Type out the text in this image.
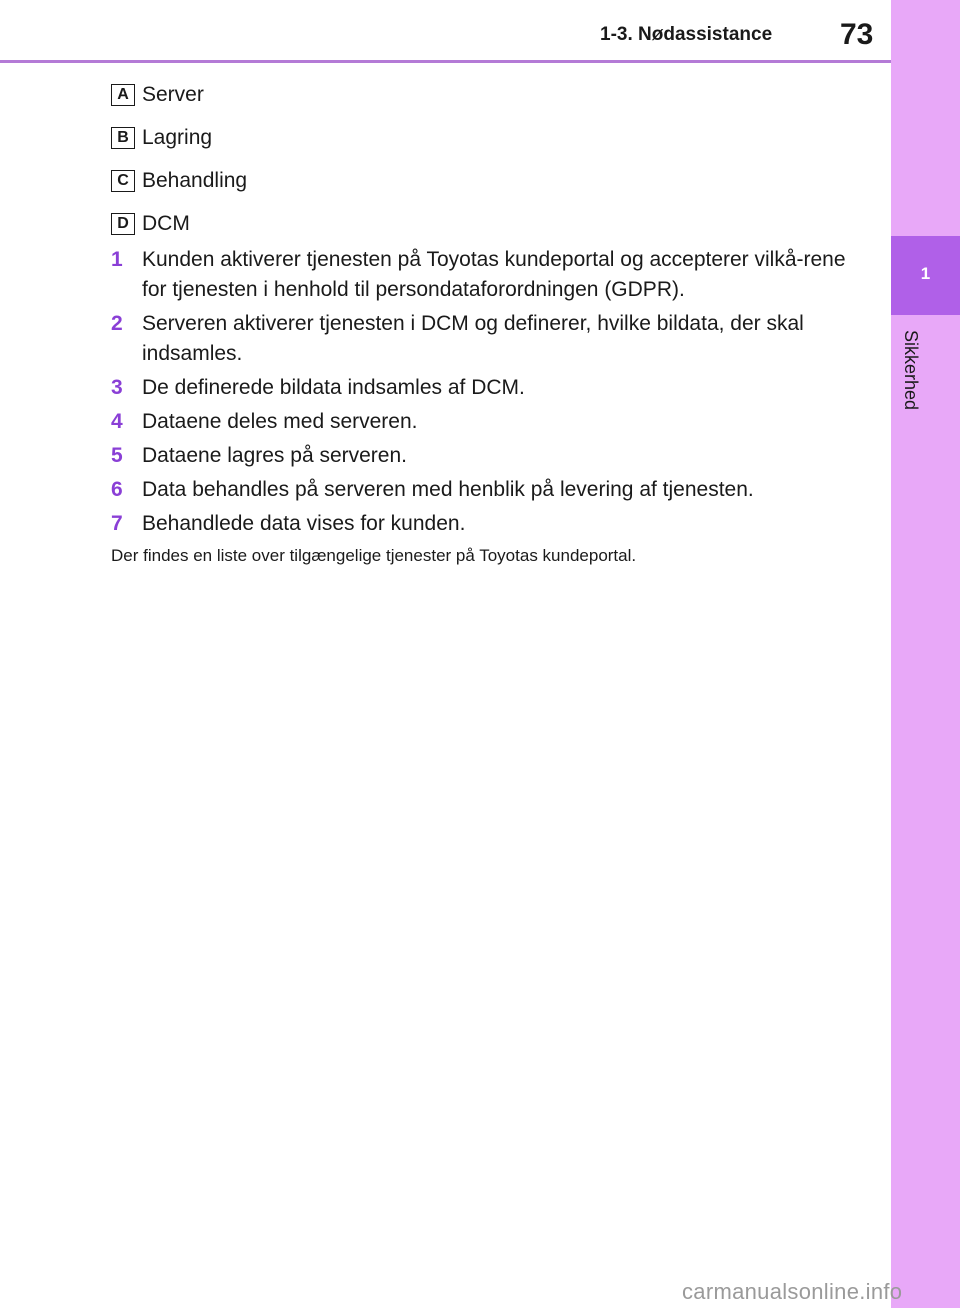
1-3. Nødassistance 73
1
Sikkerhed
A Server
B Lagring
C Behandling
D DCM
1 Kunden aktiverer tjenesten på Toyotas kundeportal og accepterer vilkå-rene for tjenesten i henhold til persondataforordningen (GDPR).
2 Serveren aktiverer tjenesten i DCM og definerer, hvilke bildata, der skal indsamles.
3 De definerede bildata indsamles af DCM.
4 Dataene deles med serveren.
5 Dataene lagres på serveren.
6 Data behandles på serveren med henblik på levering af tjenesten.
7 Behandlede data vises for kunden.
Der findes en liste over tilgængelige tjenester på Toyotas kundeportal.
carmanualsonline.info
